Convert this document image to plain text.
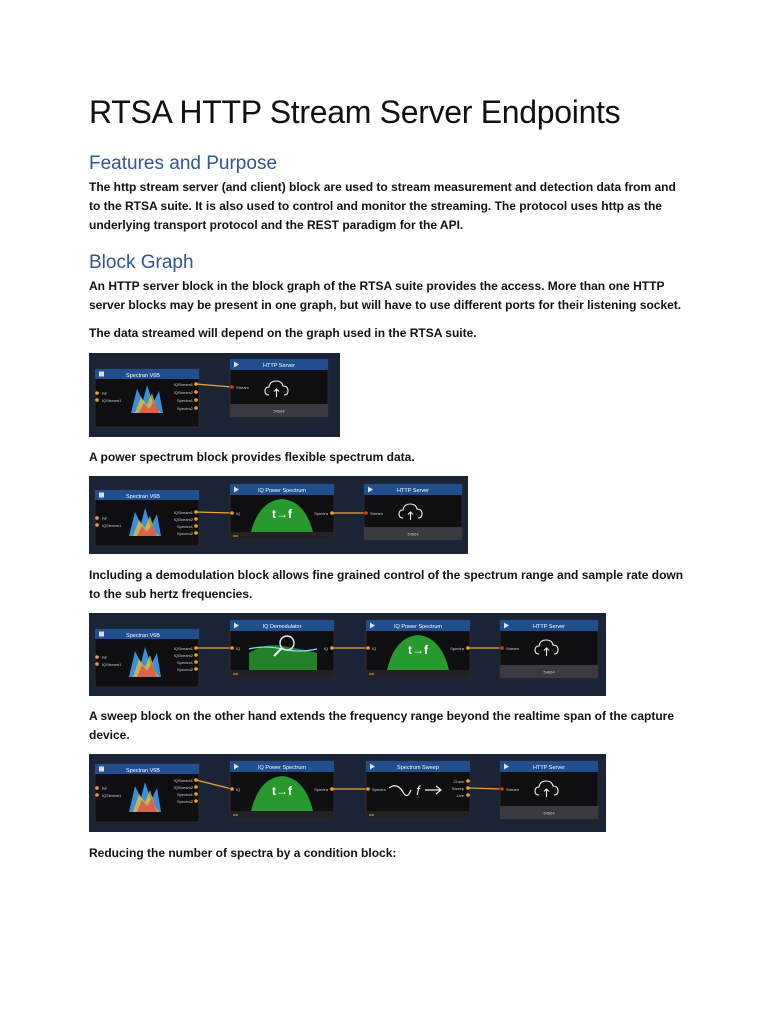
RTSA HTTP Stream Server Endpoints
Features and Purpose

The http stream server (and client) block are used to stream measurement and detection data from and to the RTSA suite. It is also used to control and monitor the streaming. The protocol uses http as the underlying transport protocol and the REST paradigm for the API.

Block Graph

An HTTP server block in the block graph of the RTSA suite provides the access. More than one HTTP server blocks may be present in one graph, but will have to use different ports for their listening socket.

The data streamed will depend on the graph used in the RTSA suite.

Spectran V6B
RF
IQStream1
IQStream1
IQStream2
Spectra1
Spectra2
HTTP Server
Stream
54664

A power spectrum block provides flexible spectrum data.

Spectran V6B
RF
IQStream1
IQStream1
IQStream2
Spectra1
Spectra2
IQ Power Spectrum
IQ	t→f	Spectra
HTTP Server
Stream
54664

Including a demodulation block allows fine grained control of the spectrum range and sample rate down to the sub hertz frequencies.

Spectran V6B
RF
IQStream1
IQStream1
IQStream2
Spectra1
Spectra2
IQ Demodulator
IQ	IQ
IQ Power Spectrum
IQ	t→f	Spectra
HTTP Server
Stream
54664

A sweep block on the other hand extends the frequency range beyond the realtime span of the capture device.

Spectran V6B
RF
IQStream1
IQStream1
IQStream2
Spectra1
Spectra2
IQ Power Spectrum
IQ	t→f	Spectra
Spectrum Sweep
Spectra f
Chain
Sweep
Live
HTTP Server
Stream
54664

Reducing the number of spectra by a condition block:
